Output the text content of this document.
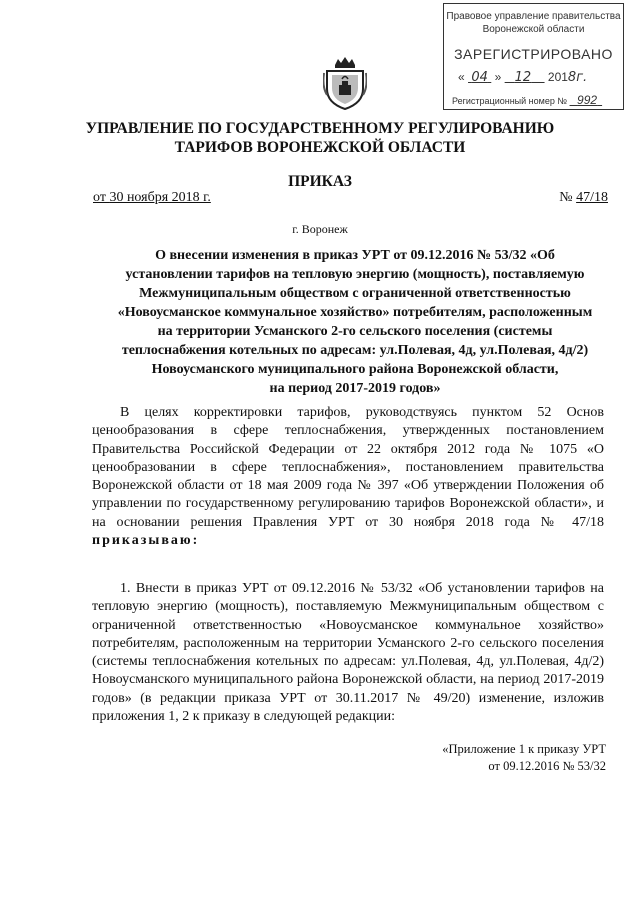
Правовое управление правительства
Воронежской области
ЗАРЕГИСТРИРОВАНО
« 04 » 12 2018г.
Регистрационный номер № 992
УПРАВЛЕНИЕ ПО ГОСУДАРСТВЕННОМУ РЕГУЛИРОВАНИЮ
ТАРИФОВ ВОРОНЕЖСКОЙ ОБЛАСТИ
ПРИКАЗ
от 30 ноября 2018 г.	№ 47/18
г. Воронеж
О внесении изменения в приказ УРТ от 09.12.2016 № 53/32 «Об
установлении тарифов на тепловую энергию (мощность), поставляемую
Межмуниципальным обществом с ограниченной ответственностью
«Новоусманское коммунальное хозяйство» потребителям, расположенным
на территории Усманского 2-го сельского поселения (системы
теплоснабжения котельных по адресам: ул.Полевая, 4д, ул.Полевая, 4д/2)
Новоусманского муниципального района Воронежской области,
на период 2017-2019 годов»

В целях корректировки тарифов, руководствуясь пунктом 52 Основ ценообразования в сфере теплоснабжения, утвержденных постановлением Правительства Российской Федерации от 22 октября 2012 года № 1075 «О ценообразовании в сфере теплоснабжения», постановлением правительства Воронежской области от 18 мая 2009 года № 397 «Об утверждении Положения об управлении по государственному регулированию тарифов Воронежской области», и на основании решения Правления УРТ от 30 ноября 2018 года № 47/18 приказываю:

1. Внести в приказ УРТ от 09.12.2016 № 53/32 «Об установлении тарифов на тепловую энергию (мощность), поставляемую Межмуниципальным обществом с ограниченной ответственностью «Новоусманское коммунальное хозяйство» потребителям, расположенным на территории Усманского 2-го сельского поселения (системы теплоснабжения котельных по адресам: ул.Полевая, 4д, ул.Полевая, 4д/2) Новоусманского муниципального района Воронежской области, на период 2017-2019 годов» (в редакции приказа УРТ от 30.11.2017 № 49/20) изменение, изложив приложения 1, 2 к приказу в следующей редакции:

«Приложение 1 к приказу УРТ
от 09.12.2016 № 53/32
